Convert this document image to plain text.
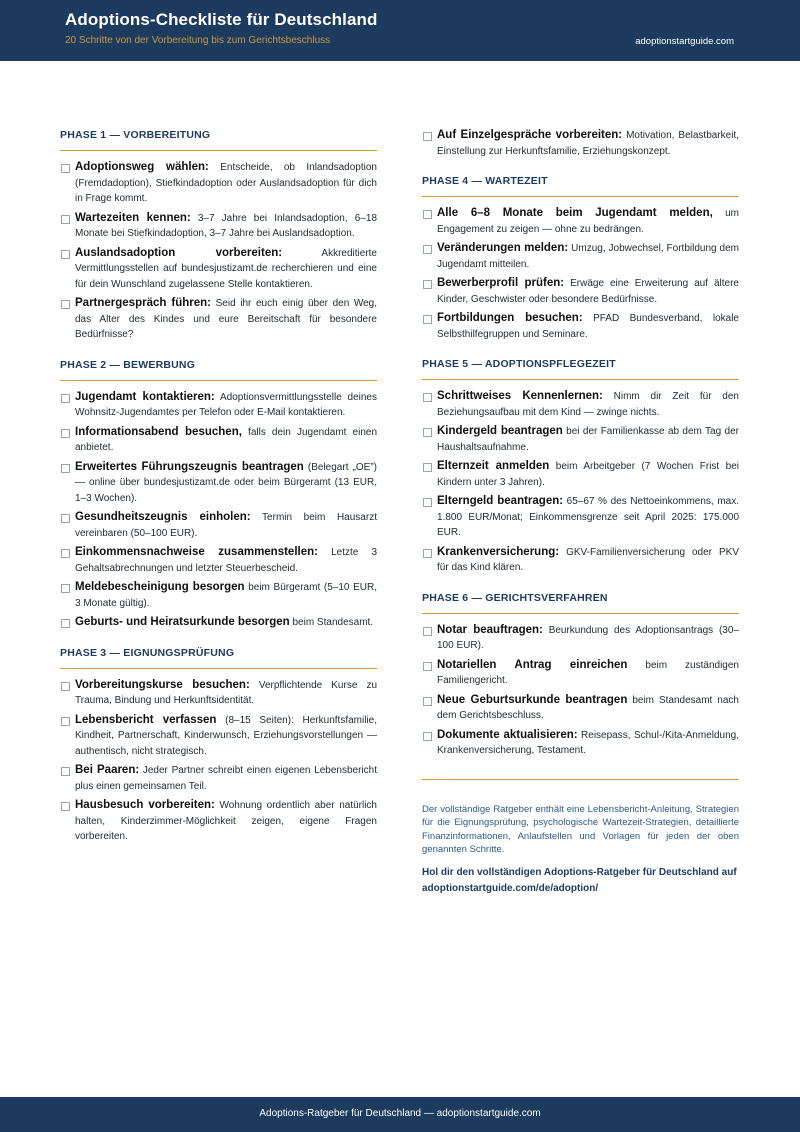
Adoptions-Checkliste für Deutschland
20 Schritte von der Vorbereitung bis zum Gerichtsbeschluss	adoptionstartguide.com
PHASE 1 — VORBEREITUNG
Adoptionsweg wählen: Entscheide, ob Inlandsadoption (Fremdadoption), Stiefkindadoption oder Auslandsadoption für dich in Frage kommt.
Wartezeiten kennen: 3–7 Jahre bei Inlandsadoption, 6–18 Monate bei Stiefkindadoption, 3–7 Jahre bei Auslandsadoption.
Auslandsadoption vorbereiten: Akkreditierte Vermittlungsstellen auf bundesjustizamt.de recherchieren und eine für dein Wunschland zugelassene Stelle kontaktieren.
Partnergespräch führen: Seid ihr euch einig über den Weg, das Alter des Kindes und eure Bereitschaft für besondere Bedürfnisse?
PHASE 2 — BEWERBUNG
Jugendamt kontaktieren: Adoptionsvermittlungsstelle deines Wohnsitz-Jugendamtes per Telefon oder E-Mail kontaktieren.
Informationsabend besuchen, falls dein Jugendamt einen anbietet.
Erweitertes Führungszeugnis beantragen (Belegart „OE”) — online über bundesjustizamt.de oder beim Bürgeramt (13 EUR, 1–3 Wochen).
Gesundheitszeugnis einholen: Termin beim Hausarzt vereinbaren (50–100 EUR).
Einkommensnachweise zusammenstellen: Letzte 3 Gehaltsabrechnungen und letzter Steuerbescheid.
Meldebescheinigung besorgen beim Bürgeramt (5–10 EUR, 3 Monate gültig).
Geburts- und Heiratsurkunde besorgen beim Standesamt.
PHASE 3 — EIGNUNGSPRÜFUNG
Vorbereitungskurse besuchen: Verpflichtende Kurse zu Trauma, Bindung und Herkunftsidentität.
Lebensbericht verfassen (8–15 Seiten): Herkunftsfamilie, Kindheit, Partnerschaft, Kinderwunsch, Erziehungsvorstellungen — authentisch, nicht strategisch.
Bei Paaren: Jeder Partner schreibt einen eigenen Lebensbericht plus einen gemeinsamen Teil.
Hausbesuch vorbereiten: Wohnung ordentlich aber natürlich halten, Kinderzimmer-Möglichkeit zeigen, eigene Fragen vorbereiten.
Auf Einzelgespräche vorbereiten: Motivation, Belastbarkeit, Einstellung zur Herkunftsfamilie, Erziehungskonzept.
PHASE 4 — WARTEZEIT
Alle 6–8 Monate beim Jugendamt melden, um Engagement zu zeigen — ohne zu bedrängen.
Veränderungen melden: Umzug, Jobwechsel, Fortbildung dem Jugendamt mitteilen.
Bewerberprofil prüfen: Erwäge eine Erweiterung auf ältere Kinder, Geschwister oder besondere Bedürfnisse.
Fortbildungen besuchen: PFAD Bundesverband, lokale Selbsthilfegruppen und Seminare.
PHASE 5 — ADOPTIONSPFLEGEZEIT
Schrittweises Kennenlernen: Nimm dir Zeit für den Beziehungsaufbau mit dem Kind — zwinge nichts.
Kindergeld beantragen bei der Familienkasse ab dem Tag der Haushaltsaufnahme.
Elternzeit anmelden beim Arbeitgeber (7 Wochen Frist bei Kindern unter 3 Jahren).
Elterngeld beantragen: 65–67 % des Nettoeinkommens, max. 1.800 EUR/Monat; Einkommensgrenze seit April 2025: 175.000 EUR.
Krankenversicherung: GKV-Familienversicherung oder PKV für das Kind klären.
PHASE 6 — GERICHTSVERFAHREN
Notar beauftragen: Beurkundung des Adoptionsantrags (30–100 EUR).
Notariellen Antrag einreichen beim zuständigen Familiengericht.
Neue Geburtsurkunde beantragen beim Standesamt nach dem Gerichtsbeschluss.
Dokumente aktualisieren: Reisepass, Schul-/Kita-Anmeldung, Krankenversicherung, Testament.

Der vollständige Ratgeber enthält eine Lebensbericht-Anleitung, Strategien für die Eignungsprüfung, psychologische Wartezeit-Strategien, detaillierte Finanzinformationen, Anlaufstellen und Vorlagen für jeden der oben genannten Schritte.

Hol dir den vollständigen Adoptions-Ratgeber für Deutschland auf adoptionstartguide.com/de/adoption/
Adoptions-Ratgeber für Deutschland — adoptionstartguide.com
